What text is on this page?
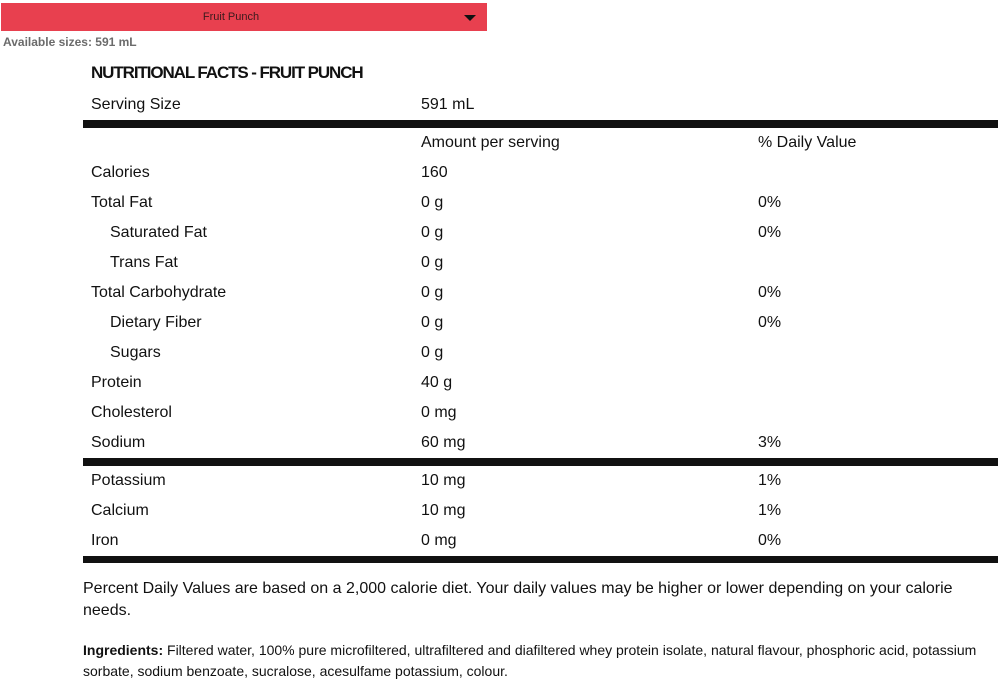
Fruit Punch
Available sizes: 591 mL
NUTRITIONAL FACTS - FRUIT PUNCH
Serving Size	591 mL
Amount per serving	% Daily Value
Calories	160
Total Fat	0 g	0%
Saturated Fat	0 g	0%
Trans Fat	0 g
Total Carbohydrate	0 g	0%
Dietary Fiber	0 g	0%
Sugars	0 g
Protein	40 g
Cholesterol	0 mg
Sodium	60 mg	3%
Potassium	10 mg	1%
Calcium	10 mg	1%
Iron	0 mg	0%

Percent Daily Values are based on a 2,000 calorie diet. Your daily values may be higher or lower depending on your calorie needs.

Ingredients: Filtered water, 100% pure microfiltered, ultrafiltered and diafiltered whey protein isolate, natural flavour, phosphoric acid, potassium sorbate, sodium benzoate, sucralose, acesulfame potassium, colour.
